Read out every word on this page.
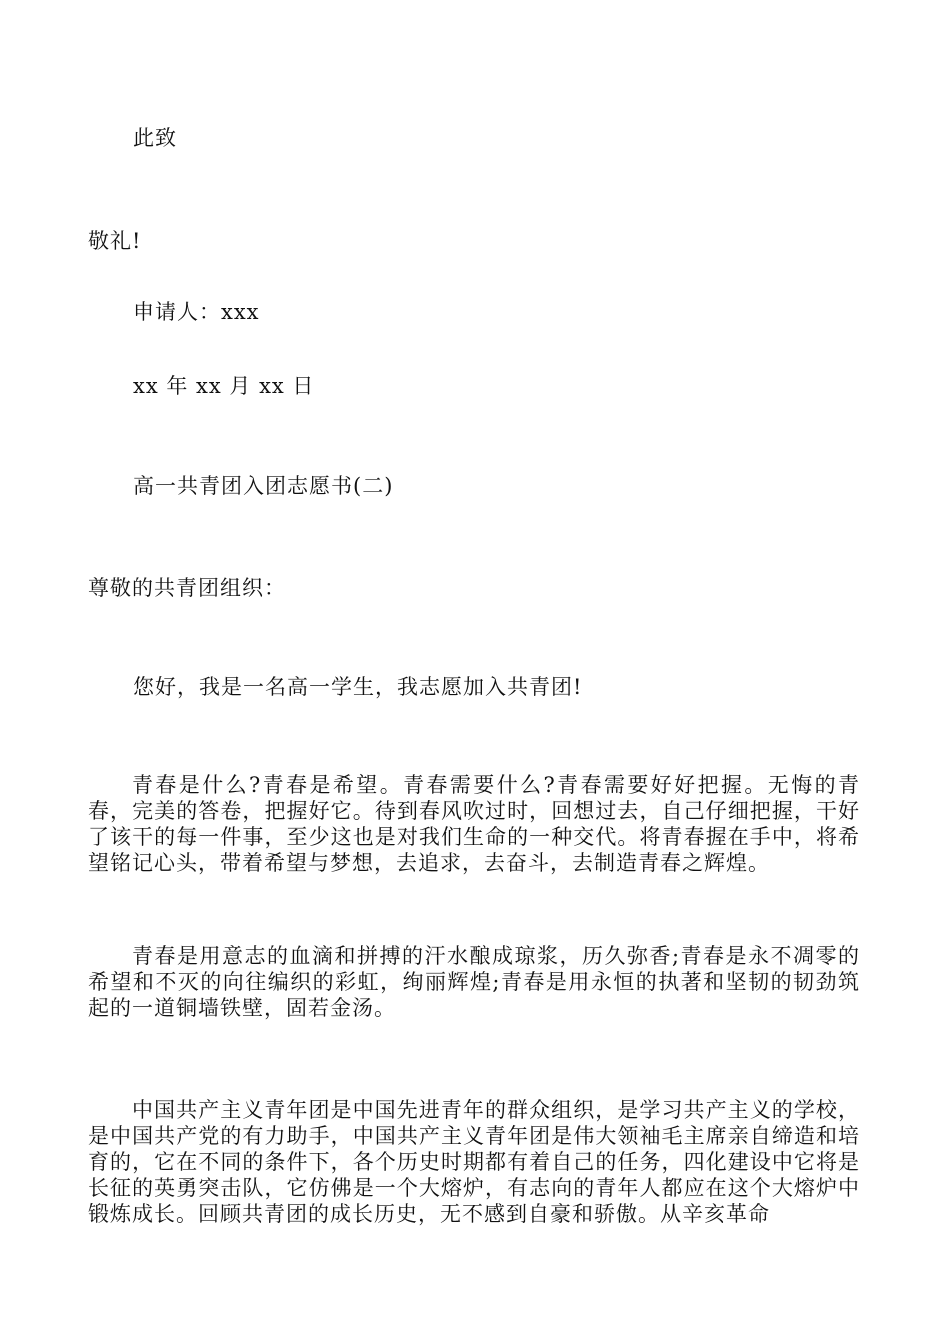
此致
敬礼!
申请人：xxx
xx 年 xx 月 xx 日
高一共青团入团志愿书(二)
尊敬的共青团组织：
您好，我是一名高一学生，我志愿加入共青团!
青春是什么?青春是希望。青春需要什么?青春需要好好把握。无悔的青春，完美的答卷，把握好它。待到春风吹过时，回想过去，自己仔细把握，干好了该干的每一件事，至少这也是对我们生命的一种交代。将青春握在手中，将希望铭记心头，带着希望与梦想，去追求，去奋斗，去制造青春之辉煌。
青春是用意志的血滴和拼搏的汗水酿成琼浆，历久弥香;青春是永不凋零的希望和不灭的向往编织的彩虹，绚丽辉煌;青春是用永恒的执著和坚韧的韧劲筑起的一道铜墙铁壁，固若金汤。
中国共产主义青年团是中国先进青年的群众组织，是学习共产主义的学校，是中国共产党的有力助手，中国共产主义青年团是伟大领袖毛主席亲自缔造和培育的，它在不同的条件下，各个历史时期都有着自己的任务，四化建设中它将是长征的英勇突击队，它仿佛是一个大熔炉，有志向的青年人都应在这个大熔炉中锻炼成长。回顾共青团的成长历史，无不感到自豪和骄傲。从辛亥革命
